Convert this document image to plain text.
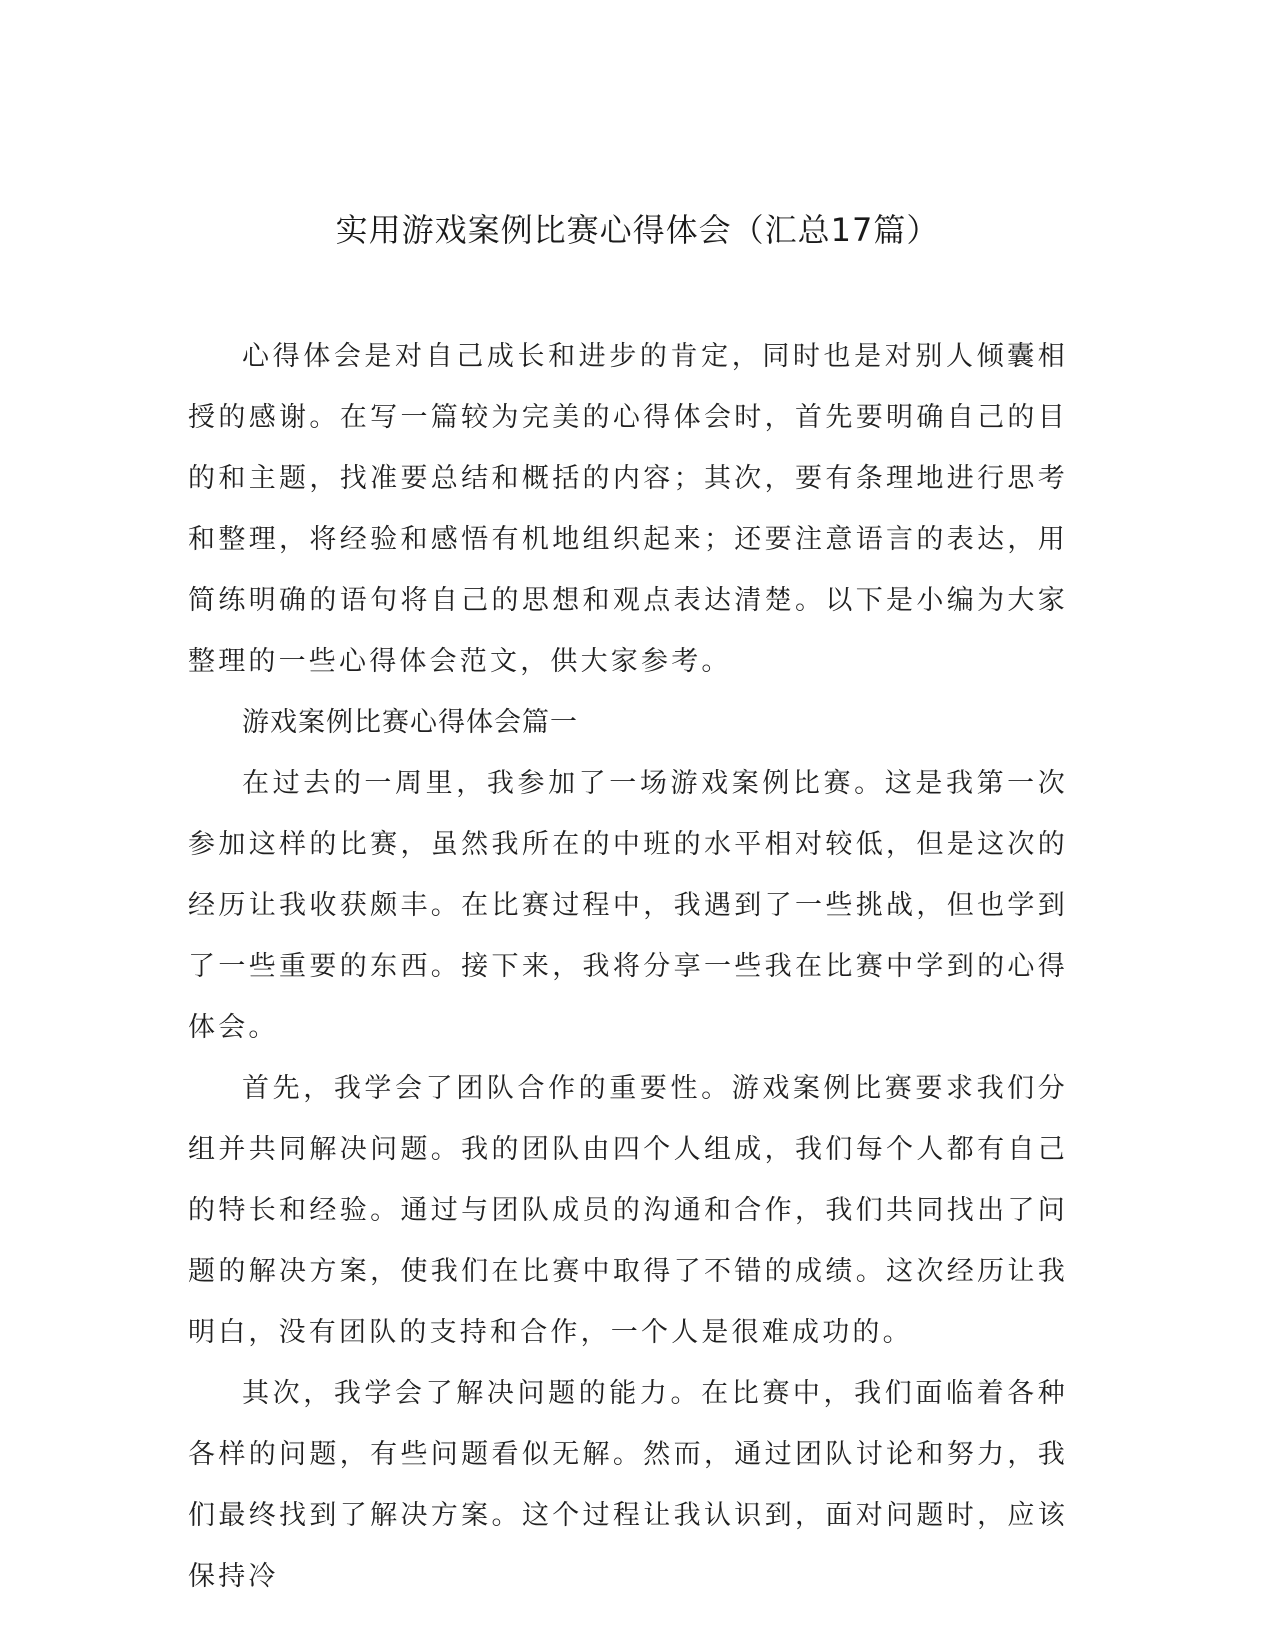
实用游戏案例比赛心得体会（汇总17篇）

心得体会是对自己成长和进步的肯定，同时也是对别人倾囊相授的感谢。在写一篇较为完美的心得体会时，首先要明确自己的目的和主题，找准要总结和概括的内容；其次，要有条理地进行思考和整理，将经验和感悟有机地组织起来；还要注意语言的表达，用简练明确的语句将自己的思想和观点表达清楚。以下是小编为大家整理的一些心得体会范文，供大家参考。

游戏案例比赛心得体会篇一

在过去的一周里，我参加了一场游戏案例比赛。这是我第一次参加这样的比赛，虽然我所在的中班的水平相对较低，但是这次的经历让我收获颇丰。在比赛过程中，我遇到了一些挑战，但也学到了一些重要的东西。接下来，我将分享一些我在比赛中学到的心得体会。

首先，我学会了团队合作的重要性。游戏案例比赛要求我们分组并共同解决问题。我的团队由四个人组成，我们每个人都有自己的特长和经验。通过与团队成员的沟通和合作，我们共同找出了问题的解决方案，使我们在比赛中取得了不错的成绩。这次经历让我明白，没有团队的支持和合作，一个人是很难成功的。

其次，我学会了解决问题的能力。在比赛中，我们面临着各种各样的问题，有些问题看似无解。然而，通过团队讨论和努力，我们最终找到了解决方案。这个过程让我认识到，面对问题时，应该保持冷
